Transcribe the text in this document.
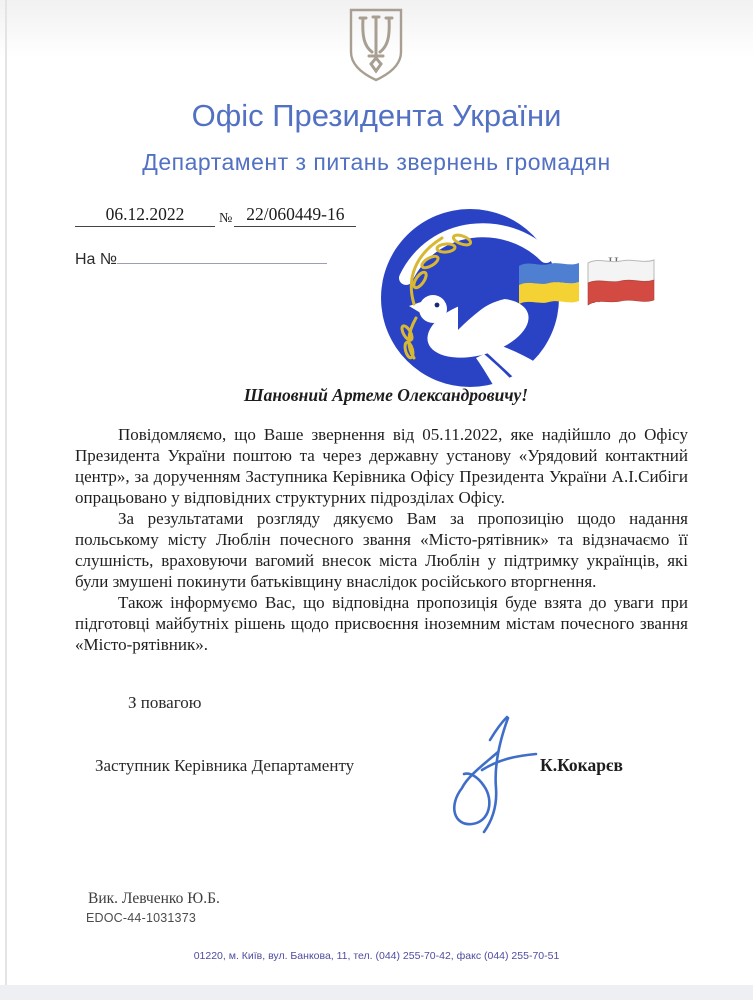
Офіс Президента України
Департамент з питань звернень громадян
06.12.2022 № 22/060449-16
На №
Шановний Артеме Олександровичу!

Повідомляємо, що Ваше звернення від 05.11.2022, яке надійшло до Офісу Президента України поштою та через державну установу «Урядовий контактний центр», за дорученням Заступника Керівника Офісу Президента України А.І.Сибіги опрацьовано у відповідних структурних підрозділах Офісу.

За результатами розгляду дякуємо Вам за пропозицію щодо надання польському місту Люблін почесного звання «Місто-рятівник» та відзначаємо її слушність, враховуючи вагомий внесок міста Люблін у підтримку українців, які були змушені покинути батьківщину внаслідок російського вторгнення.

Також інформуємо Вас, що відповідна пропозиція буде взята до уваги при підготовці майбутніх рішень щодо присвоєння іноземним містам почесного звання «Місто-рятівник».

З повагою
Заступник Керівника Департаменту	К.Кокарєв
Вик. Левченко Ю.Б.
EDOC-44-1031373
01220, м. Київ, вул. Банкова, 11, тел. (044) 255-70-42, факс (044) 255-70-51
